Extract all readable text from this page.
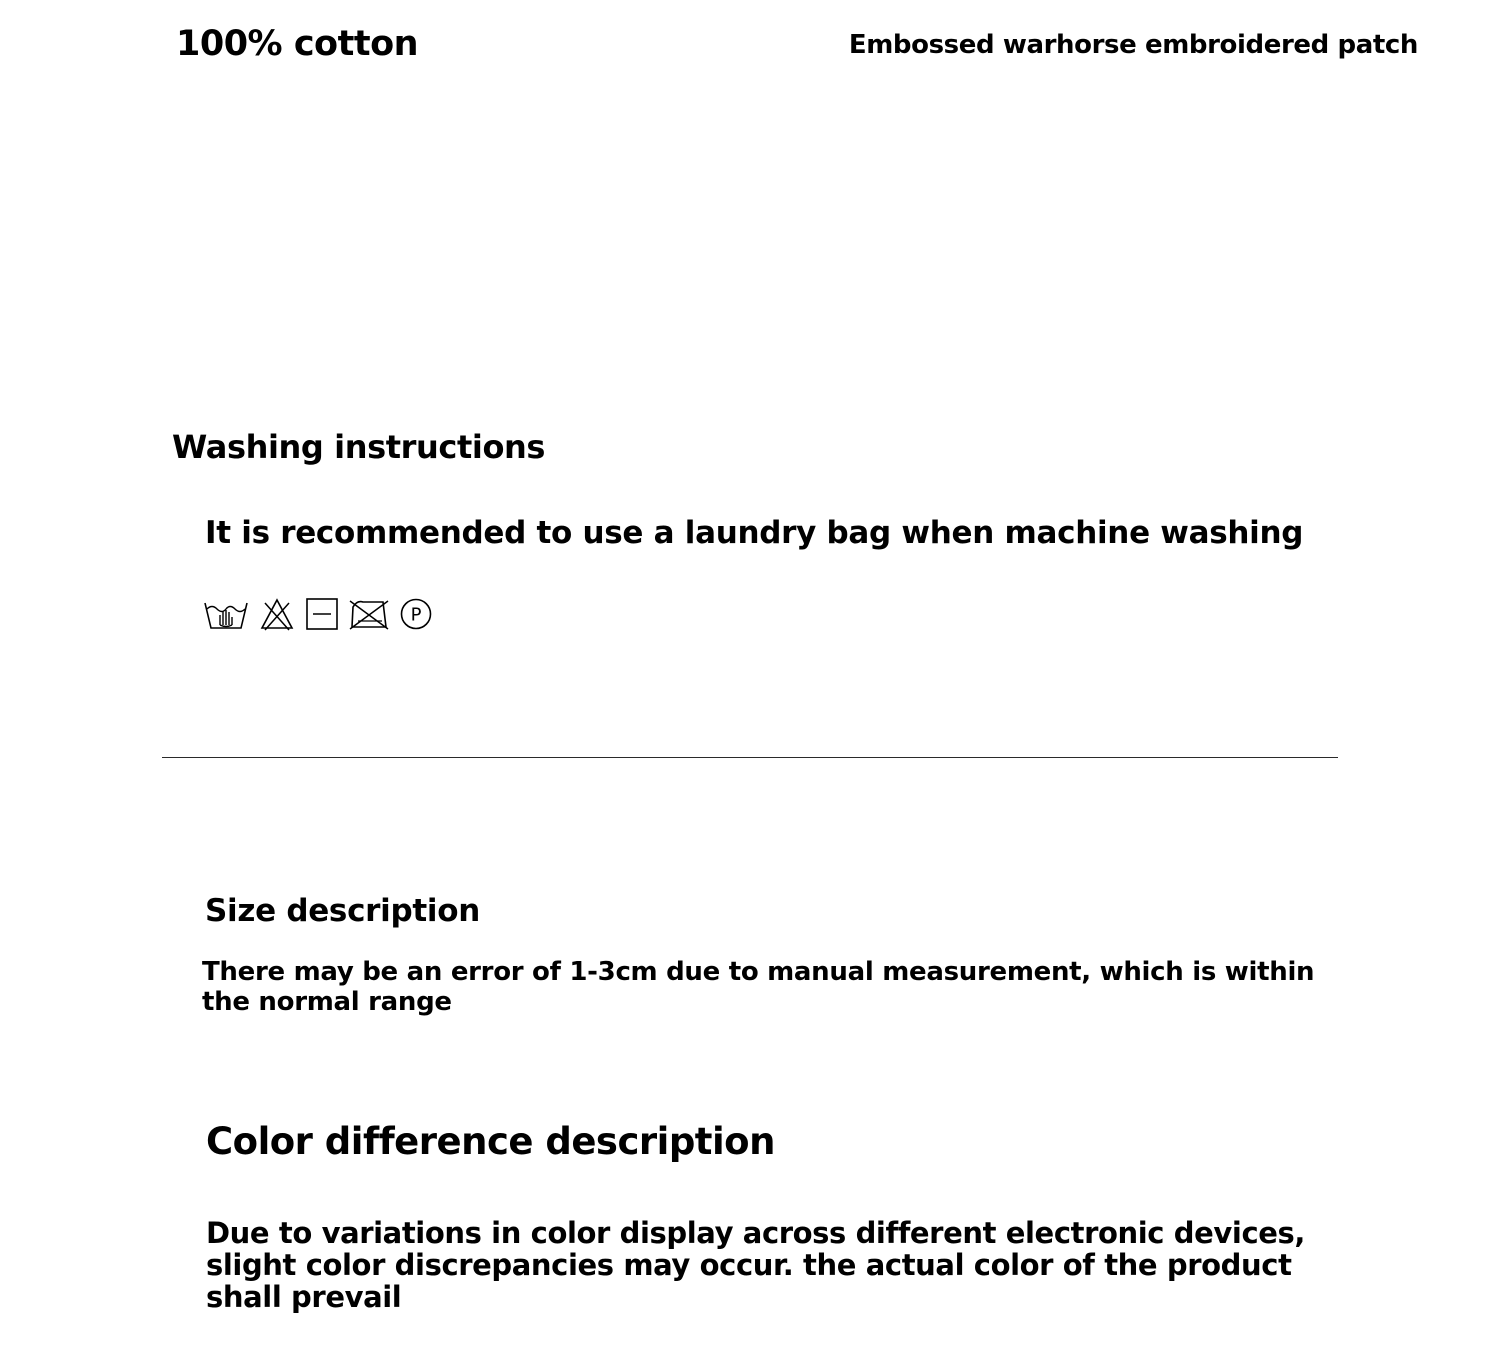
100% cotton	Embossed warhorse embroidered patch
Washing instructions
It is recommended to use a laundry bag when machine washing
P
Size description
There may be an error of 1-3cm due to manual measurement, which is within the normal range
Color difference description
Due to variations in color display across different electronic devices, slight color discrepancies may occur. the actual color of the product shall prevail
